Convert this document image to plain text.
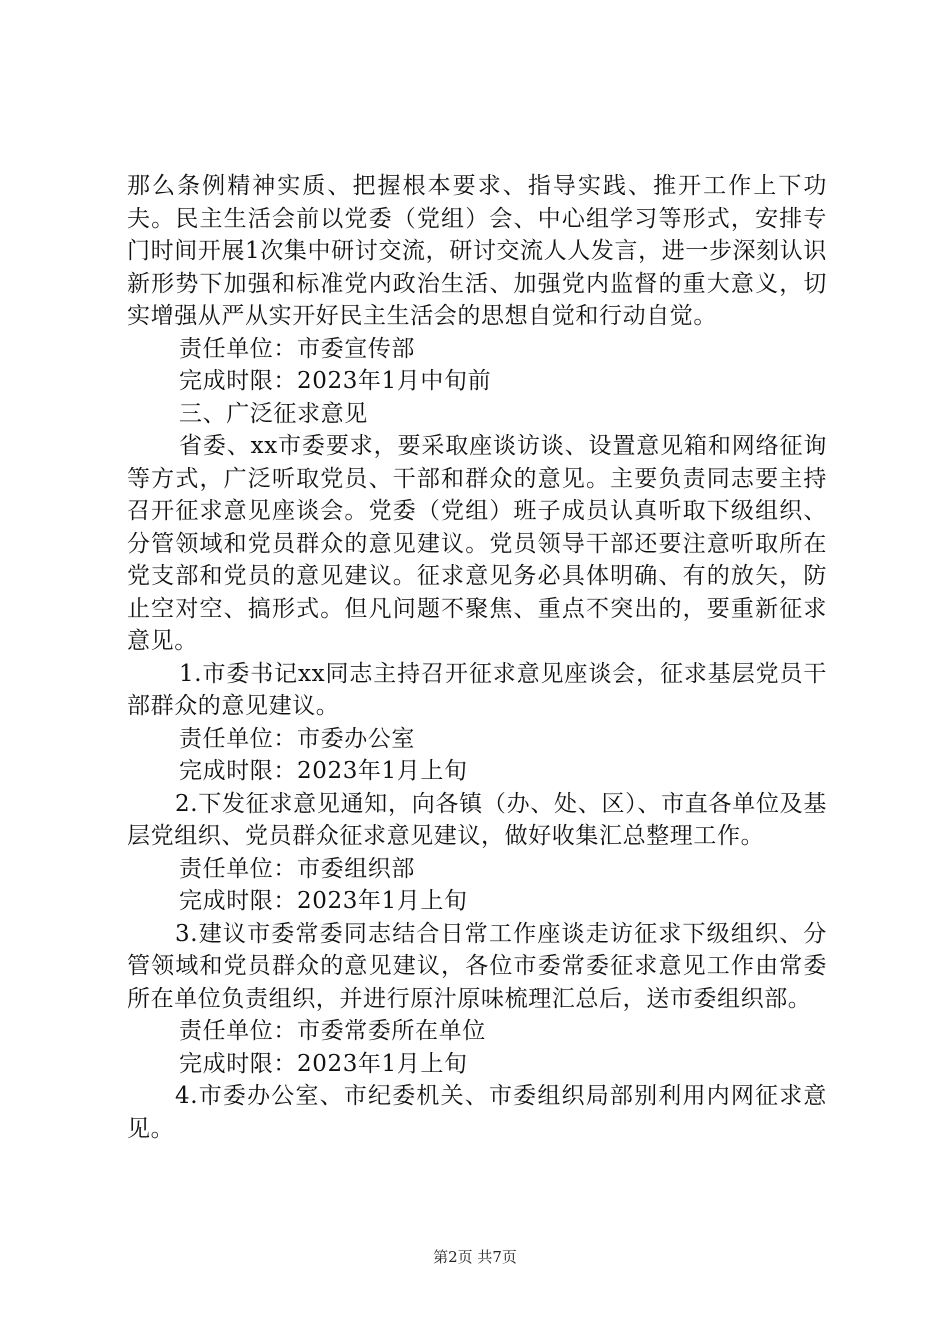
那么条例精神实质、把握根本要求、指导实践、推开工作上下功夫。民主生活会前以党委（党组）会、中心组学习等形式，安排专门时间开展1次集中研讨交流，研讨交流人人发言，进一步深刻认识新形势下加强和标准党内政治生活、加强党内监督的重大意义，切实增强从严从实开好民主生活会的思想自觉和行动自觉。

责任单位：市委宣传部

完成时限：2023年1月中旬前

三、广泛征求意见

省委、xx市委要求，要采取座谈访谈、设置意见箱和网络征询等方式，广泛听取党员、干部和群众的意见。主要负责同志要主持召开征求意见座谈会。党委（党组）班子成员认真听取下级组织、分管领域和党员群众的意见建议。党员领导干部还要注意听取所在党支部和党员的意见建议。征求意见务必具体明确、有的放矢，防止空对空、搞形式。但凡问题不聚焦、重点不突出的，要重新征求意见。

1.市委书记xx同志主持召开征求意见座谈会，征求基层党员干部群众的意见建议。

责任单位：市委办公室

完成时限：2023年1月上旬

2.下发征求意见通知，向各镇（办、处、区）、市直各单位及基层党组织、党员群众征求意见建议，做好收集汇总整理工作。

责任单位：市委组织部

完成时限：2023年1月上旬

3.建议市委常委同志结合日常工作座谈走访征求下级组织、分管领域和党员群众的意见建议，各位市委常委征求意见工作由常委所在单位负责组织，并进行原汁原味梳理汇总后，送市委组织部。

责任单位：市委常委所在单位

完成时限：2023年1月上旬

4.市委办公室、市纪委机关、市委组织局部别利用内网征求意见。

第2页 共7页
